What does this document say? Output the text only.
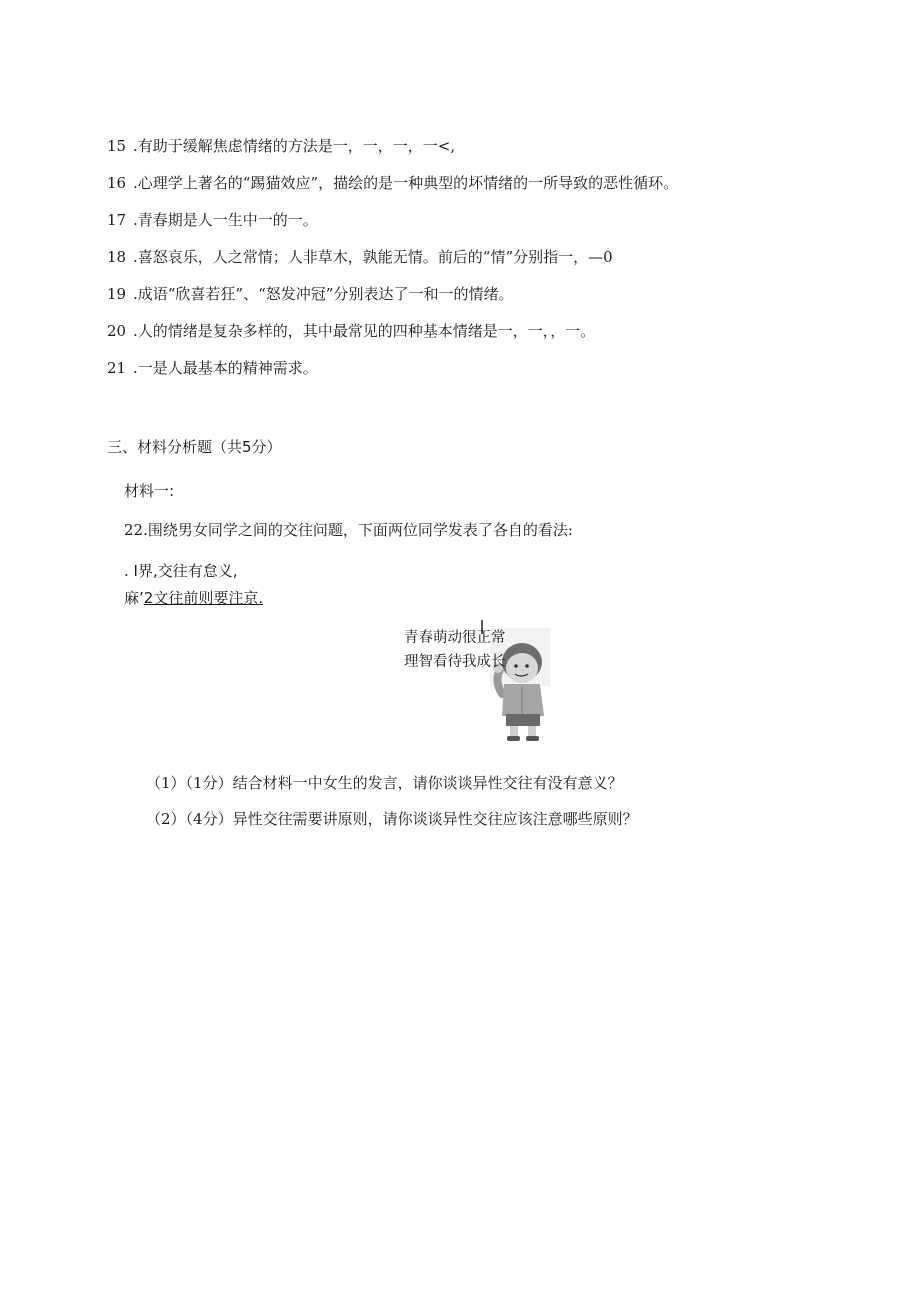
15 .有助于缓解焦虑情绪的方法是一，一，一，一<,
16 .心理学上著名的“踢猫效应”，描绘的是一种典型的坏情绪的一所导致的恶性循环。
17 .青春期是人一生中一的一。
18 .喜怒哀乐，人之常情；人非草木，孰能无情。前后的“情”分别指一，—0
19 .成语“欣喜若狂”、“怒发冲冠”分别表达了一和一的情绪。
20 .人的情绪是复杂多样的，其中最常见的四种基本情绪是一，一，，一。
21 .一是人最基本的精神需求。
三、材料分析题（共5分）
材料一:
22.围绕男女同学之间的交往问题，下面两位同学发表了各自的看法:
. I界,交往有怠义,
麻’2文往前则要注京.
青春萌动很正常
理智看待我成长
（1）（1分）结合材料一中女生的发言，请你谈谈异性交往有没有意义？
（2）（4分）异性交往需要讲原则，请你谈谈异性交往应该注意哪些原则？
